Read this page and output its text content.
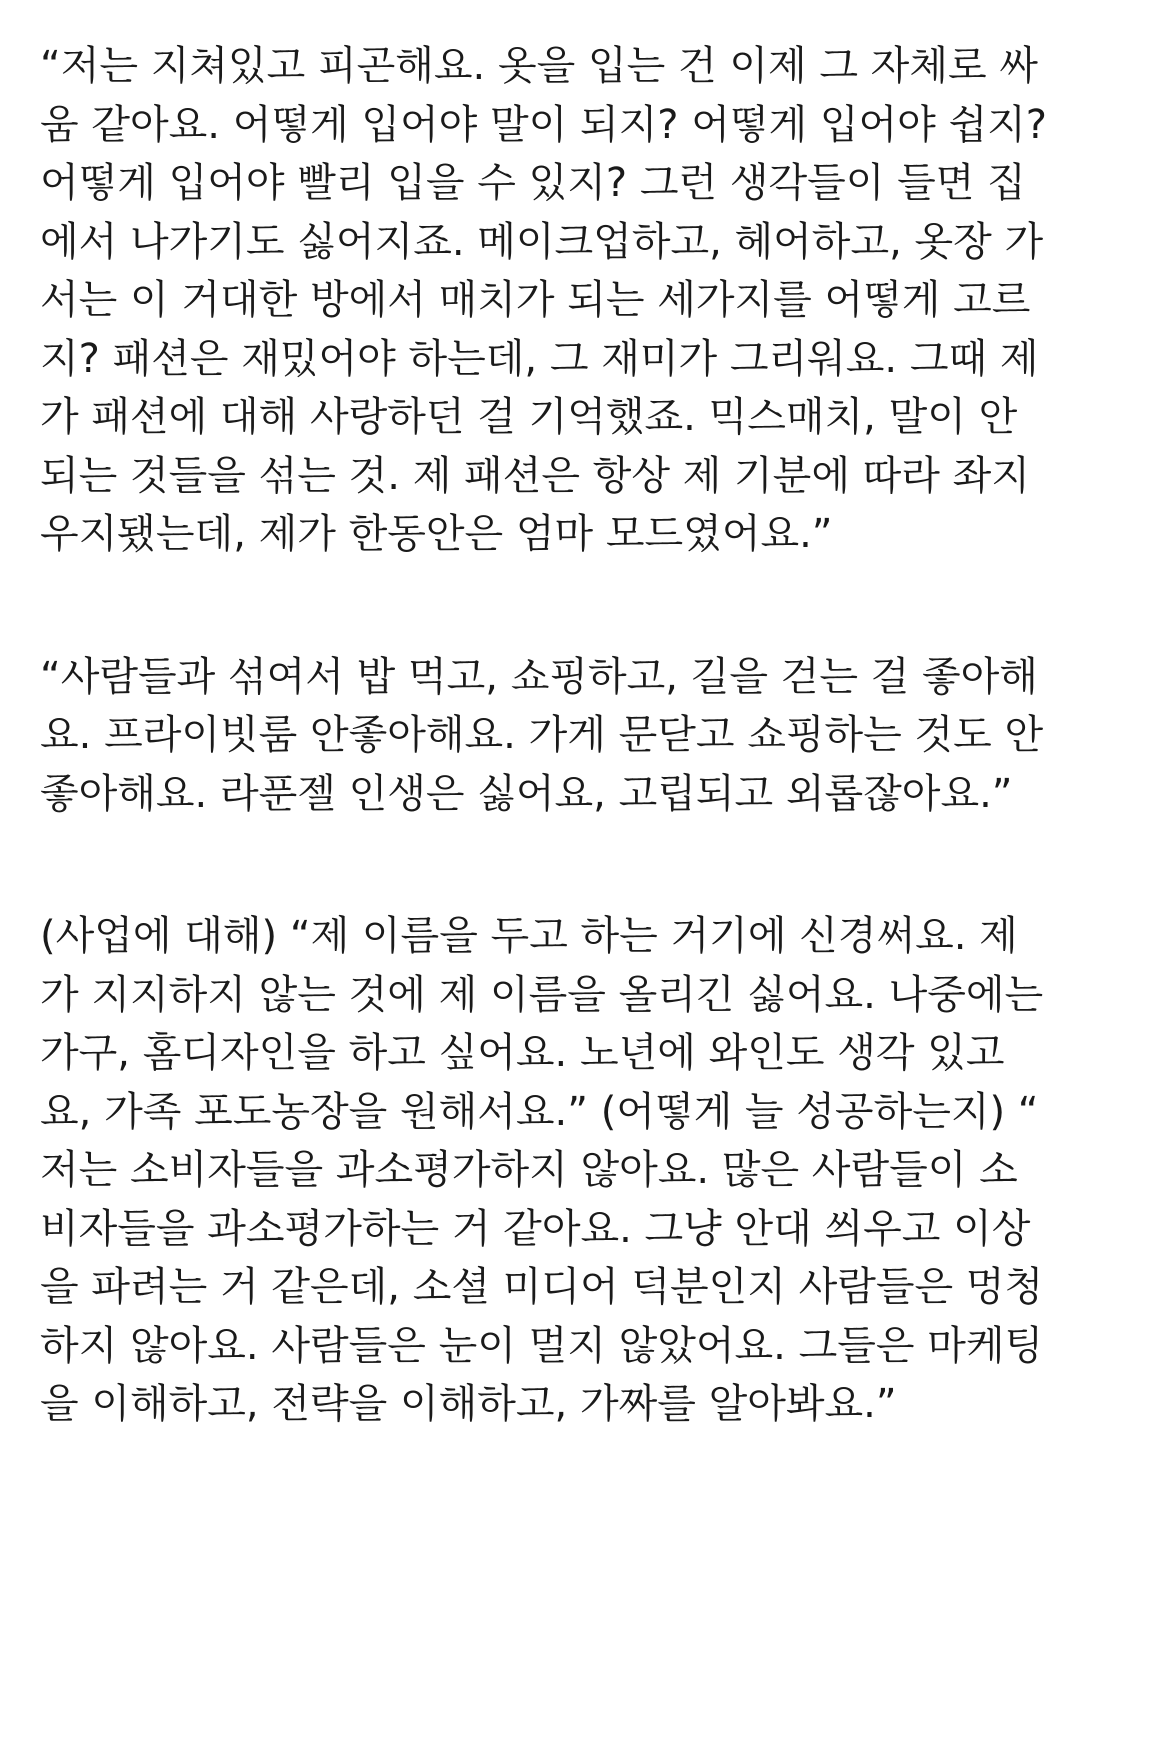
“저는 지쳐있고 피곤해요. 옷을 입는 건 이제 그 자체로 싸
움 같아요. 어떻게 입어야 말이 되지? 어떻게 입어야 쉽지?
어떻게 입어야 빨리 입을 수 있지? 그런 생각들이 들면 집
에서 나가기도 싫어지죠. 메이크업하고, 헤어하고, 옷장 가
서는 이 거대한 방에서 매치가 되는 세가지를 어떻게 고르
지? 패션은 재밌어야 하는데, 그 재미가 그리워요. 그때 제
가 패션에 대해 사랑하던 걸 기억했죠. 믹스매치, 말이 안
되는 것들을 섞는 것. 제 패션은 항상 제 기분에 따라 좌지
우지됐는데, 제가 한동안은 엄마 모드였어요.”

“사람들과 섞여서 밥 먹고, 쇼핑하고, 길을 걷는 걸 좋아해
요. 프라이빗룸 안좋아해요. 가게 문닫고 쇼핑하는 것도 안
좋아해요. 라푼젤 인생은 싫어요, 고립되고 외롭잖아요.”

(사업에 대해) “제 이름을 두고 하는 거기에 신경써요. 제
가 지지하지 않는 것에 제 이름을 올리긴 싫어요. 나중에는
가구, 홈디자인을 하고 싶어요. 노년에 와인도 생각 있고
요, 가족 포도농장을 원해서요.” (어떻게 늘 성공하는지) “
저는 소비자들을 과소평가하지 않아요. 많은 사람들이 소
비자들을 과소평가하는 거 같아요. 그냥 안대 씌우고 이상
을 파려는 거 같은데, 소셜 미디어 덕분인지 사람들은 멍청
하지 않아요. 사람들은 눈이 멀지 않았어요. 그들은 마케팅
을 이해하고, 전략을 이해하고, 가짜를 알아봐요.”
